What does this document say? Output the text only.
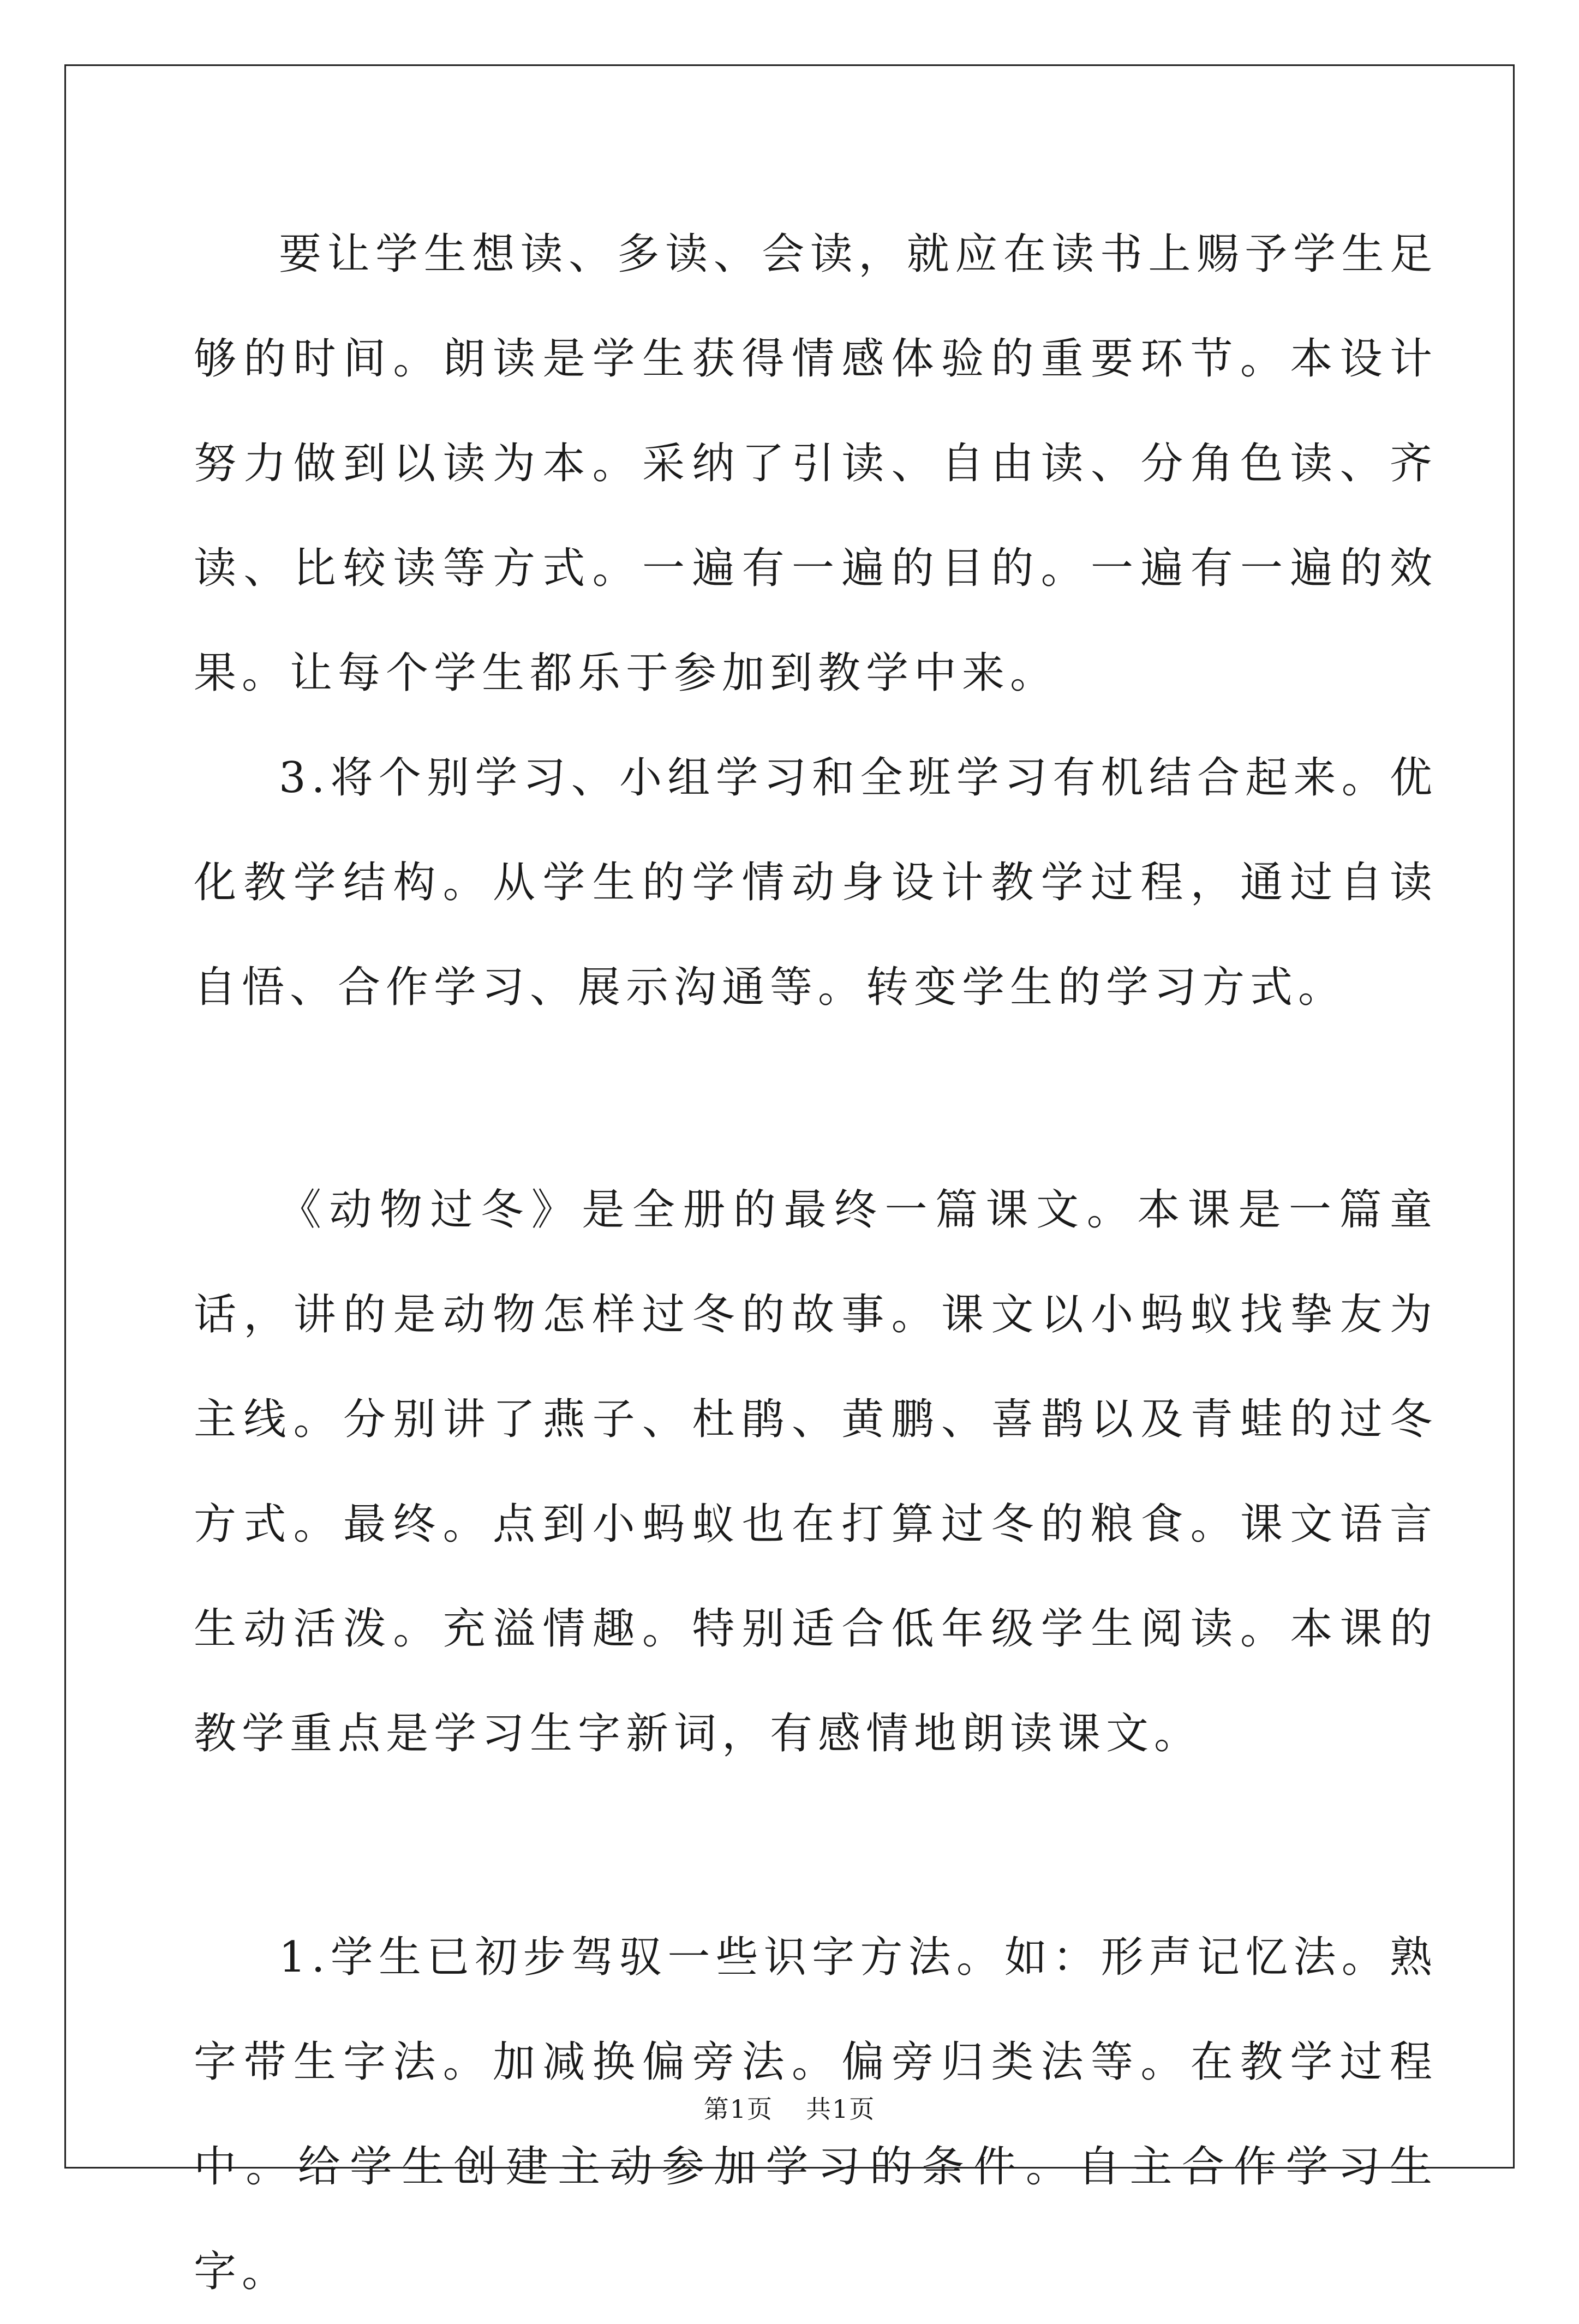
要让学生想读、多读、会读，就应在读书上赐予学生足够的时间。朗读是学生获得情感体验的重要环节。本设计努力做到以读为本。采纳了引读、自由读、分角色读、齐读、比较读等方式。一遍有一遍的目的。一遍有一遍的效果。让每个学生都乐于参加到教学中来。

3.将个别学习、小组学习和全班学习有机结合起来。优化教学结构。从学生的学情动身设计教学过程，通过自读自悟、合作学习、展示沟通等。转变学生的学习方式。

《动物过冬》是全册的最终一篇课文。本课是一篇童话，讲的是动物怎样过冬的故事。课文以小蚂蚁找挚友为主线。分别讲了燕子、杜鹃、黄鹏、喜鹊以及青蛙的过冬方式。最终。点到小蚂蚁也在打算过冬的粮食。课文语言生动活泼。充溢情趣。特别适合低年级学生阅读。本课的教学重点是学习生字新词，有感情地朗读课文。

1.学生已初步驾驭一些识字方法。如：形声记忆法。熟字带生字法。加减换偏旁法。偏旁归类法等。在教学过程中。给学生创建主动参加学习的条件。自主合作学习生字。

第1页 共1页
